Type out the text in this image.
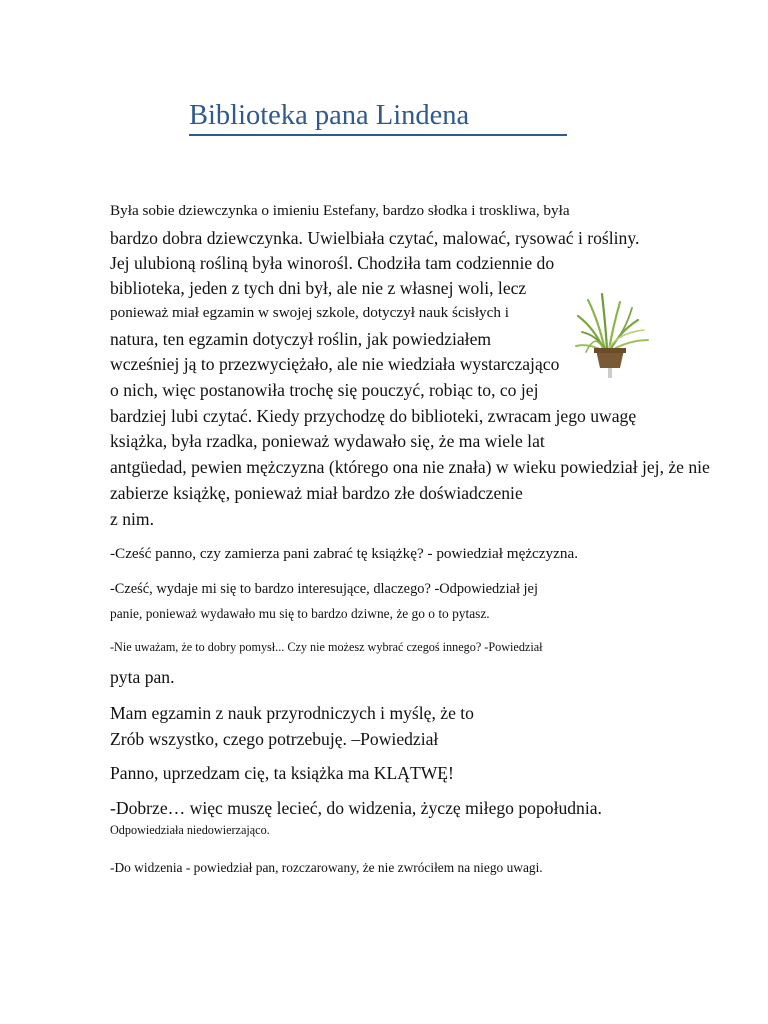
Biblioteka pana Lindena

Była sobie dziewczynka o imieniu Estefany, bardzo słodka i troskliwa, była

bardzo dobra dziewczynka. Uwielbiała czytać, malować, rysować i rośliny.

Jej ulubioną rośliną była winorośl. Chodziła tam codziennie do

biblioteka, jeden z tych dni był, ale nie z własnej woli, lecz

ponieważ miał egzamin w swojej szkole, dotyczył nauk ścisłych i

natura, ten egzamin dotyczył roślin, jak powiedziałem

wcześniej ją to przezwyciężało, ale nie wiedziała wystarczająco

o nich, więc postanowiła trochę się pouczyć, robiąc to, co jej

bardziej lubi czytać. Kiedy przychodzę do biblioteki, zwracam jego uwagę

książka, była rzadka, ponieważ wydawało się, że ma wiele lat

antgüedad, pewien mężczyzna (którego ona nie znała) w wieku powiedział jej, że nie

zabierze książkę, ponieważ miał bardzo złe doświadczenie

z nim.

-Cześć panno, czy zamierza pani zabrać tę książkę? - powiedział mężczyzna.

-Cześć, wydaje mi się to bardzo interesujące, dlaczego? -Odpowiedział jej

panie, ponieważ wydawało mu się to bardzo dziwne, że go o to pytasz.

-Nie uważam, że to dobry pomysł... Czy nie możesz wybrać czegoś innego? -Powiedział

pyta pan.

Mam egzamin z nauk przyrodniczych i myślę, że to

Zrób wszystko, czego potrzebuję. –Powiedział

Panno, uprzedzam cię, ta książka ma KLĄTWĘ!

-Dobrze… więc muszę lecieć, do widzenia, życzę miłego popołudnia.

Odpowiedziała niedowierzająco.

-Do widzenia - powiedział pan, rozczarowany, że nie zwróciłem na niego uwagi.
